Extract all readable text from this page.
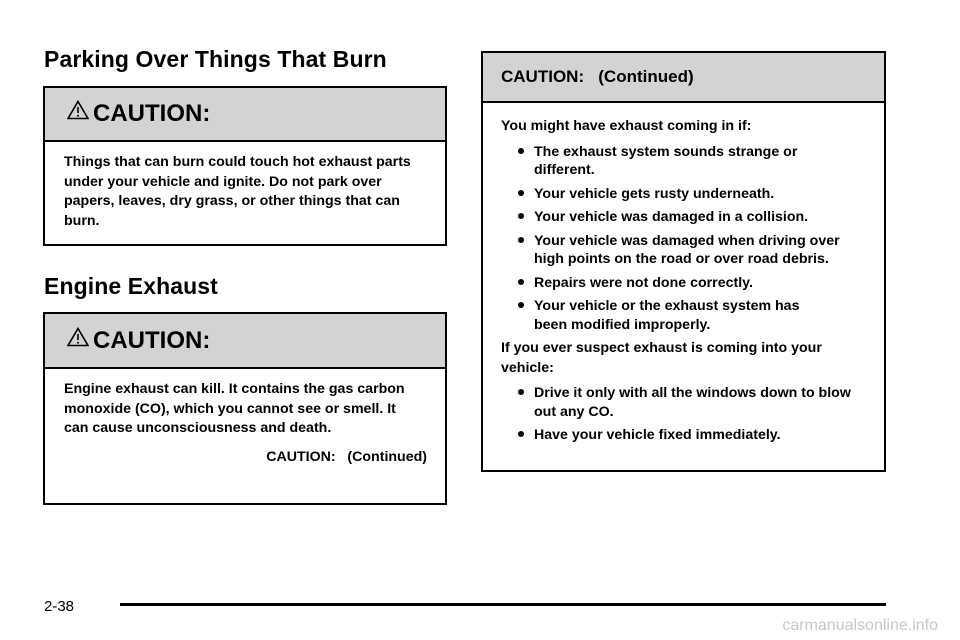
Parking Over Things That Burn
CAUTION:
Things that can burn could touch hot exhaust parts under your vehicle and ignite. Do not park over papers, leaves, dry grass, or other things that can burn.
Engine Exhaust
CAUTION:
Engine exhaust can kill. It contains the gas carbon monoxide (CO), which you cannot see or smell. It can cause unconsciousness and death.
CAUTION:   (Continued)
CAUTION:   (Continued)
You might have exhaust coming in if:
The exhaust system sounds strange or different.
Your vehicle gets rusty underneath.
Your vehicle was damaged in a collision.
Your vehicle was damaged when driving over high points on the road or over road debris.
Repairs were not done correctly.
Your vehicle or the exhaust system has been modified improperly.
If you ever suspect exhaust is coming into your vehicle:
Drive it only with all the windows down to blow out any CO.
Have your vehicle fixed immediately.
2-38
carmanualsonline.info
